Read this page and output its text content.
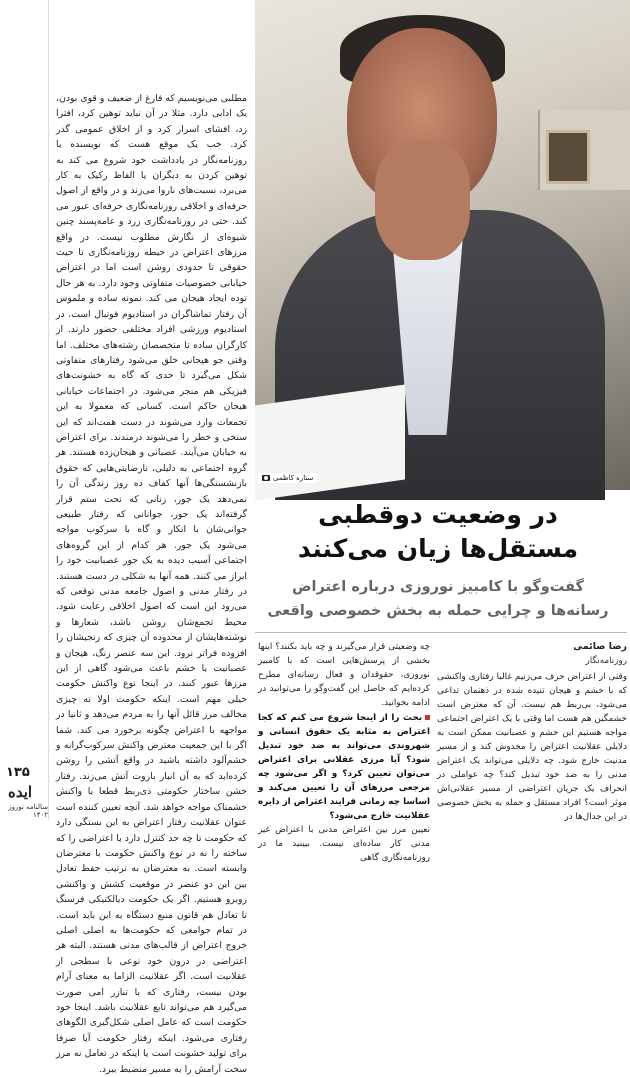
۱۳۵
ایده
سالنامه نوروز ۱۴۰۲

مطلبی می‌نویسیم که فارغ از ضعیف و قوی بودن، یک ادابی دارد. مثلا در آن نباید توهین کرد، افترا زد، افشای اسرار کرد و از اخلاق عمومی گذر کرد. خب یک موقع هست که نویسنده یا روزنامه‌نگار در یادداشت خود شروع می کند به توهین کردن به دیگران یا الفاظ رکیک به کار می‌برد، نسبت‌های ناروا می‌زند و در واقع از اصول حرفه‌ای و اخلاقی روزنامه‌نگاری حرفه‌ای عبور می کند. حتی در روزنامه‌نگاری زرد و عامه‌پسند چنین شیوه‌ای از نگارش مطلوب نیست. در واقع مرزهای اعتراض در حیطه روزنامه‌نگاری تا حیث حقوقی تا حدودی روشن است اما در اعتراض خیابانی خصوصیات متفاوتی وجود دارد. به هر حال توده ایجاد هیجان می کند. نمونه ساده و ملموس آن رفتار تماشاگران در استادیوم فوتبال است. در استادیوم ورزشی افراد مختلفی حضور دارند. از کارگران ساده تا متخصصان رشته‌های مختلف. اما وقتی جو هیجانی خلق می‌شود رفتارهای متفاوتی شکل می‌گیرد تا حدی که گاه به خشونت‌های فیزیکی هم منجر می‌شود. در اجتماعات خیابانی هیجان حاکم است. کسانی که معمولا به این تجمعات وارد می‌شوند در دست همت‌اند که این سنخی و خطر را می‌شوند درمندند. برای اعتراض به خیابان می‌آیند. عصبانی و هیجان‌زده هستند. هر گروه اجتماعی به دلیلی، نارضایتی‌هایی که حقوق بازنشستگی‌ها آنها کفاف ده روز زندگی آن را نمی‌دهد یک جور، زنانی که تحت ستم قرار گرفته‌اند یک جور، جوانانی که رفتار طبیعی جوانی‌شان با انکار و گاه با سرکوب مواجه می‌شود یک جور. هر کدام از این گروه‌های اجتماعی آسیب دیده به یک جور عصبانیت خود را ابراز می کنند. همه آنها به شکلی در دست هستند. در رفتار مدنی و اصول جامعه مدنی توقعی که می‌رود این است که اصول اخلاقی رعایت شود. محیط تجمع‌شان روشن باشد، شعارها و نوشته‌هایشان از محدوده آن چیزی که زنجیشان را افزوده فراتر نرود. این سه عنصر زنگ، هیجان و عصبانیت یا خشم باعث می‌شود گاهی از این مرزها عبور کنند. در اینجا نوع واکنش حکومت خیلی مهم است. اینکه حکومت اولا نه چیزی مخالف مرز قائل آنها را به مردم می‌دهد و ثانیا در مواجهه با اعتراض چگونه برخورد می کند. شما اگر با این جمعیت معترض واکنش سرکوب‌گرانه و خشم‌آلود داشته باشید در واقع آتشی را روشن کرده‌اید که به آن انبار باروت آتش می‌زند. رفتار خشن ساختار حکومتی ذی‌ربط قطعا با واکنش خشمناک مواجه خواهد شد. آنچه تعیین کننده است عنوان عقلانیت رفتار اعتراض به این بستگی دارد که حکومت تا چه حد کنترل دارد یا اعتراضی را که ساخته را نه در نوع واکنش حکومت با معترضان وابسته است. به معترضان به ترتیب حفظ تعادل بین این دو عنصر در موقعیت کشش و واکنشی روبرو هستیم. اگر یک حکومت دیالکتیکی فرسنگ تا تعادل هم قانون منبع دستگاه به این باید است. در تمام جوامعی که حکومت‌ها به اصلی اصلی خروج اعتراض از قالب‌های مدنی هستند. البته هر اعتراضی در درون خود نوعی با سطحی از عقلانیت است. اگر عقلانیت الزاما به معنای آرام بودن نیست، رفتاری که با تنازر امی صورت می‌گیرد هم می‌تواند تابع عقلانیت باشد. اینجا خود حکومت است که عامل اصلی شکل‌گیری الگوهای رفتاری می‌شود. اینکه رفتار حکومت آیا صرفا برای تولید خشونت است یا اینکه در تعامل نه مرز سخت آرامش را به مسیر منضبط ببرد.

ستاره کاظمی
در وضعیت دوقطبی
مستقل‌ها زیان می‌کنند
گفت‌وگو با کامبیز نوروزی درباره اعتراض
رسانه‌ها و چرایی حمله به بخش خصوصی واقعی
رضا صائمی
روزنامه‌نگار

وقتی از اعتراض حرف می‌زنیم غالبا رفتاری واکنشی که با خشم و هیجان تنیده شده در ذهنمان تداعی می‌شود، بی‌ربط هم نیست. آن که معترض است خشمگین هم هست اما وقتی با یک اعتراض اجتماعی مواجه هستیم این خشم و عصبانیت ممکن است به دلایلی عقلانیت اعتراض را مخدوش کند و از مسیر مدنیت خارج شود. چه دلایلی می‌تواند یک اعتراض مدنی را به ضد خود تبدیل کند؟ چه عواملی در انحراف یک جریان اعتراضی از مسیر عقلانی‌اش موثر است؟ افراد مستقل و حمله به بخش خصوصی در این جدال‌ها در

چه وضعیتی قرار می‌گیرند و چه باید بکنند؟ اینها بخشی از پرسش‌هایی است که با کامبیز نوروزی، حقوقدان و فعال رسانه‌ای مطرح کرده‌ایم که حاصل این گفت‌وگو را می‌توانید در ادامه بخوانید.

بحث را از اینجا شروع می کنم که کجا اعتراض به مثابه یک حقوق انسانی و شهروندی می‌تواند به ضد خود تبدیل شود؟ آیا مرزی عقلانی برای اعتراض می‌توان تعیین کرد؟ و اگر می‌شود چه مرجعی مرزهای آن را تعیین می‌کند و اساسا چه زمانی فرایند اعتراض از دایره عقلانیت خارج می‌شود؟

تعیین مرز بین اعتراض مدنی با اعتراض غیر مدنی کار ساده‌ای نیست. بیینید ما در روزنامه‌نگاری گاهی
